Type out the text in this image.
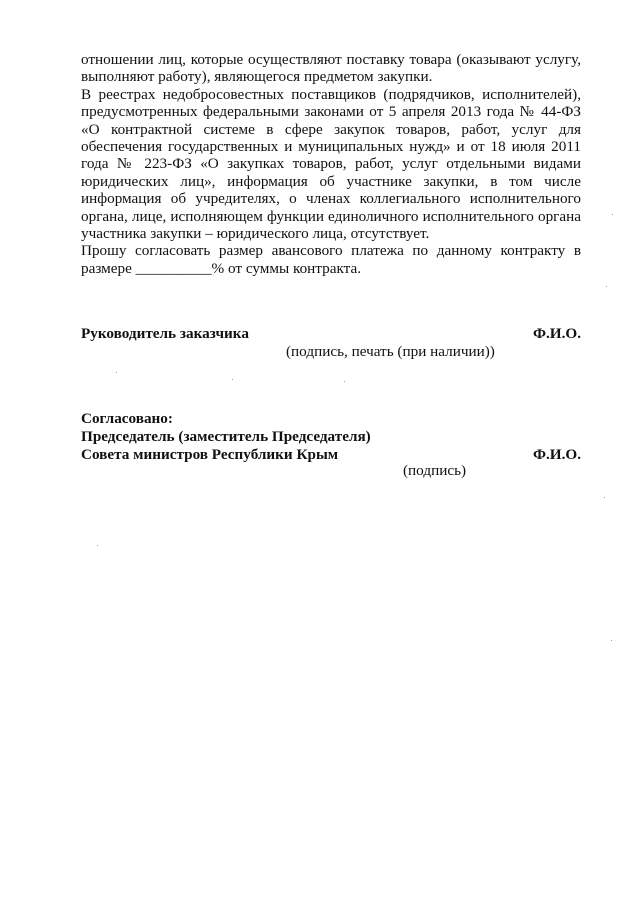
отношении лиц, которые осуществляют поставку товара (оказывают услугу, выполняют работу), являющегося предметом закупки.

В реестрах недобросовестных поставщиков (подрядчиков, исполнителей), предусмотренных федеральными законами от 5 апреля 2013 года № 44-ФЗ «О контрактной системе в сфере закупок товаров, работ, услуг для обеспечения государственных и муниципальных нужд» и от 18 июля 2011 года № 223-ФЗ «О закупках товаров, работ, услуг отдельными видами юридических лиц», информация об участнике закупки, в том числе информация об учредителях, о членах коллегиального исполнительного органа, лице, исполняющем функции единоличного исполнительного органа участника закупки – юридического лица, отсутствует.

Прошу согласовать размер авансового платежа по данному контракту в размере __________% от суммы контракта.

Руководитель заказчика	Ф.И.О.
(подпись, печать (при наличии))
Согласовано:
Председатель (заместитель Председателя)
Совета министров Республики Крым	Ф.И.О.
(подпись)
